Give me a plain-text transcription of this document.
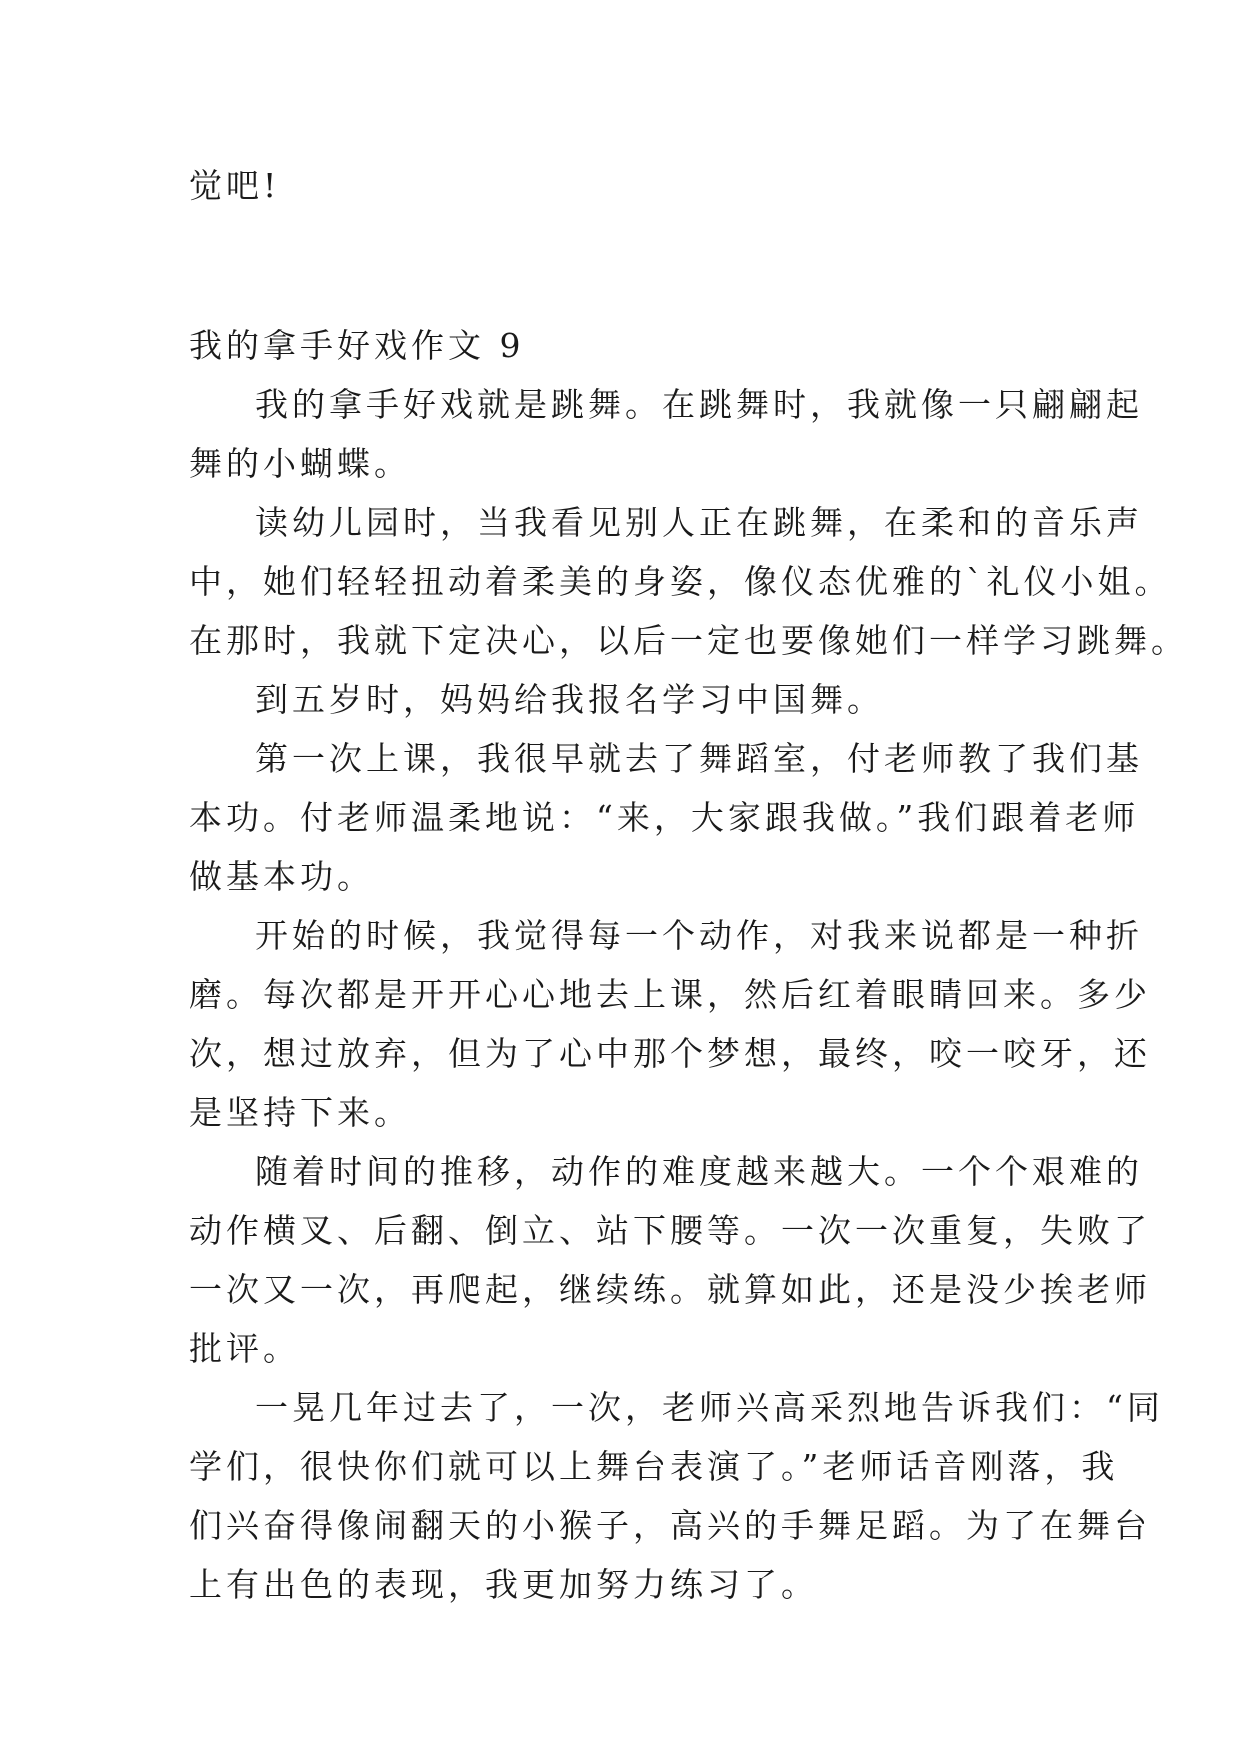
觉吧!
我的拿手好戏作文 9
我的拿手好戏就是跳舞。在跳舞时，我就像一只翩翩起
舞的小蝴蝶。
读幼儿园时，当我看见别人正在跳舞，在柔和的音乐声
中，她们轻轻扭动着柔美的身姿，像仪态优雅的`礼仪小姐。
在那时，我就下定决心，以后一定也要像她们一样学习跳舞。
到五岁时，妈妈给我报名学习中国舞。
第一次上课，我很早就去了舞蹈室，付老师教了我们基
本功。付老师温柔地说：“来，大家跟我做。”我们跟着老师
做基本功。
开始的时候，我觉得每一个动作，对我来说都是一种折
磨。每次都是开开心心地去上课，然后红着眼睛回来。多少
次，想过放弃，但为了心中那个梦想，最终，咬一咬牙，还
是坚持下来。
随着时间的推移，动作的难度越来越大。一个个艰难的
动作横叉、后翻、倒立、站下腰等。一次一次重复，失败了
一次又一次，再爬起，继续练。就算如此，还是没少挨老师
批评。
一晃几年过去了，一次，老师兴高采烈地告诉我们：“同
学们，很快你们就可以上舞台表演了。”老师话音刚落，我
们兴奋得像闹翻天的小猴子，高兴的手舞足蹈。为了在舞台
上有出色的表现，我更加努力练习了。
